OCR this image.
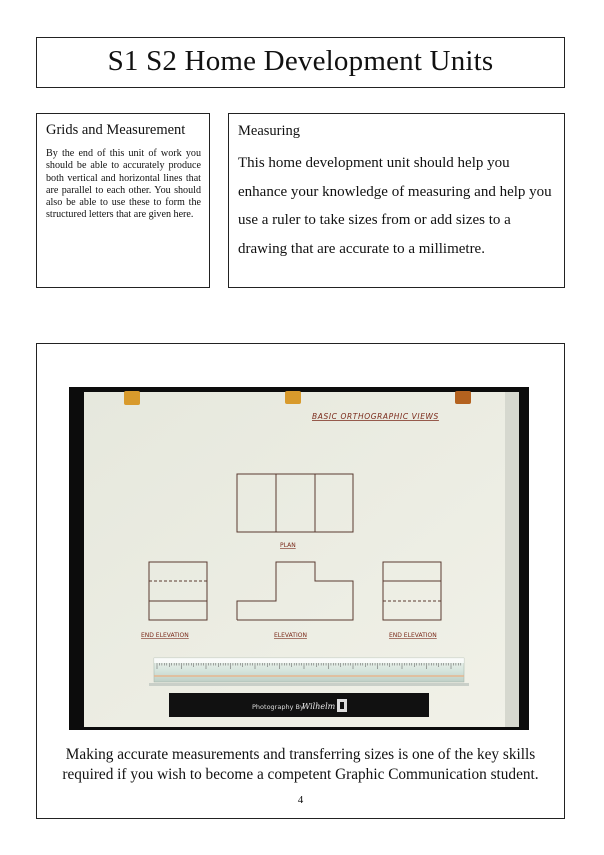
S1 S2 Home Development Units
Grids and Measurement

By the end of this unit of work you should be able to accurately produce both vertical and horizontal lines that are parallel to each other. You should also be able to use these to form the structured letters that are given here.

Measuring

This home development unit should help you enhance your knowledge of measuring and help you use a ruler to take sizes from or add sizes to a drawing that are accurate to a millimetre.

BASIC ORTHOGRAPHIC VIEWS
PLAN
END ELEVATION	ELEVATION	END ELEVATION
Photography By
Wilhelm
Making accurate measurements and transferring sizes is one of the key skills
required if you wish to become a competent Graphic Communication student.
4
